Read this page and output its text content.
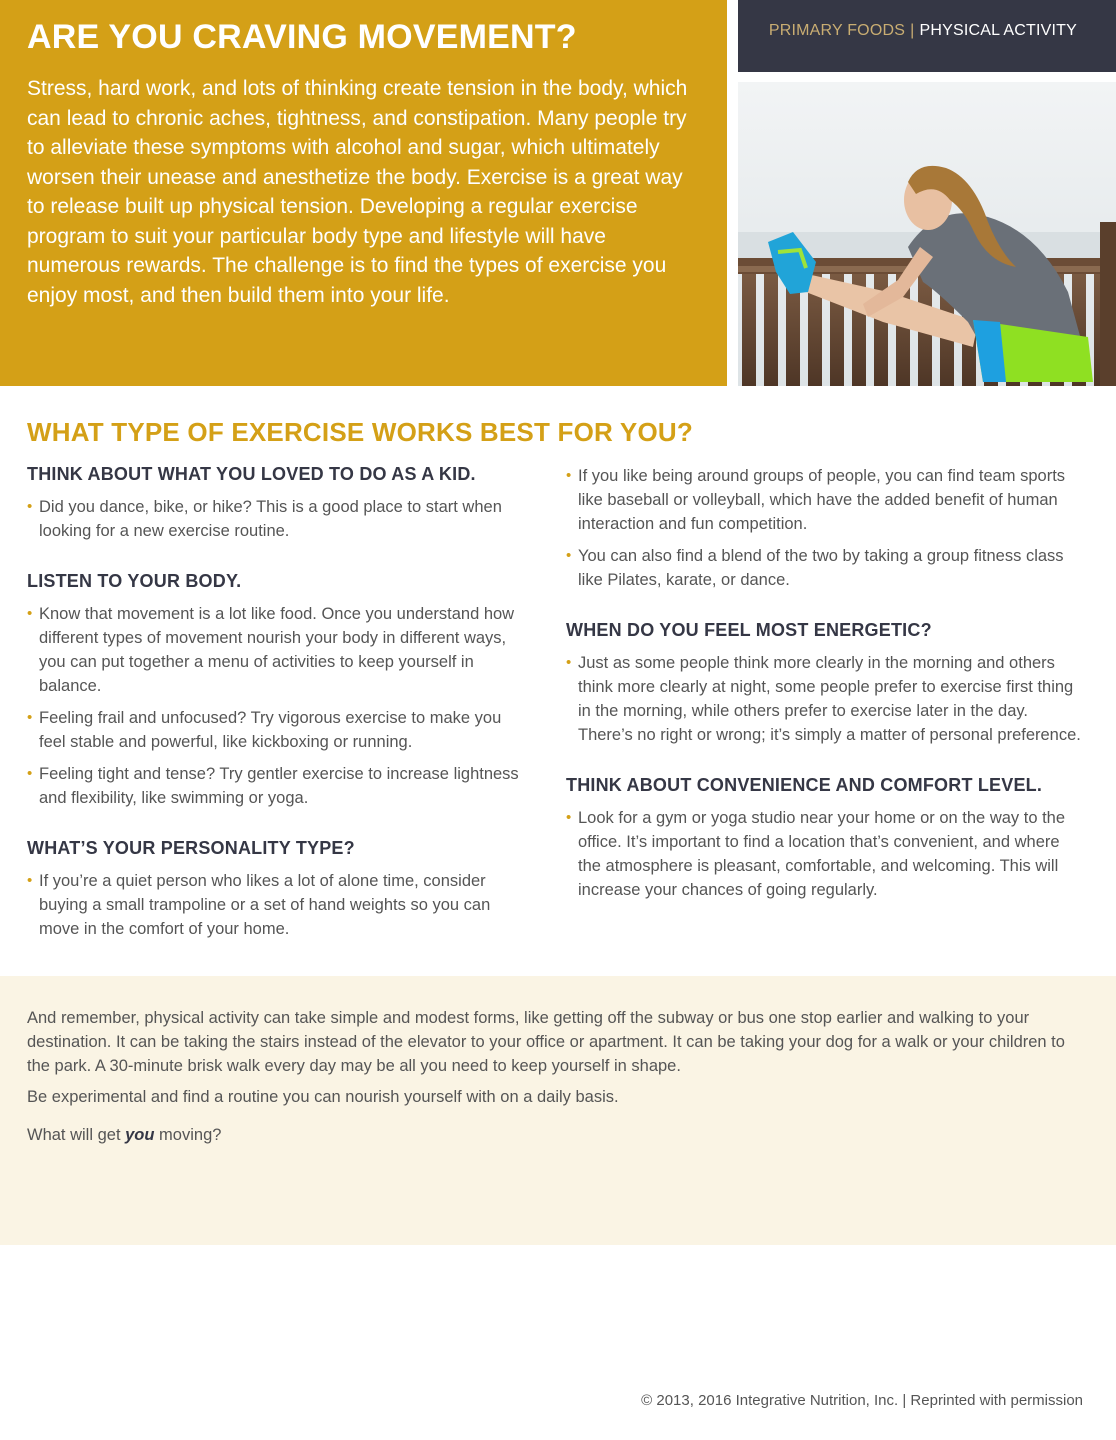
ARE YOU CRAVING MOVEMENT?

Stress, hard work, and lots of thinking create tension in the body, which can lead to chronic aches, tightness, and constipation. Many people try to alleviate these symptoms with alcohol and sugar, which ultimately worsen their unease and anesthetize the body. Exercise is a great way to release built up physical tension. Developing a regular exercise program to suit your particular body type and lifestyle will have numerous rewards. The challenge is to find the types of exercise you enjoy most, and then build them into your life.

PRIMARY FOODS | PHYSICAL ACTIVITY
WHAT TYPE OF EXERCISE WORKS BEST FOR YOU?
THINK ABOUT WHAT YOU LOVED TO DO AS A KID.
• Did you dance, bike, or hike? This is a good place to start when looking for a new exercise routine.
LISTEN TO YOUR BODY.
• Know that movement is a lot like food. Once you understand how different types of movement nourish your body in different ways, you can put together a menu of activities to keep yourself in balance.
• Feeling frail and unfocused? Try vigorous exercise to make you feel stable and powerful, like kickboxing or running.
• Feeling tight and tense? Try gentler exercise to increase lightness and flexibility, like swimming or yoga.
WHAT’S YOUR PERSONALITY TYPE?
• If you’re a quiet person who likes a lot of alone time, consider buying a small trampoline or a set of hand weights so you can move in the comfort of your home.
• If you like being around groups of people, you can find team sports like baseball or volleyball, which have the added benefit of human interaction and fun competition.
• You can also find a blend of the two by taking a group fitness class like Pilates, karate, or dance.
WHEN DO YOU FEEL MOST ENERGETIC?
• Just as some people think more clearly in the morning and others think more clearly at night, some people prefer to exercise first thing in the morning, while others prefer to exercise later in the day. There’s no right or wrong; it’s simply a matter of personal preference.
THINK ABOUT CONVENIENCE AND COMFORT LEVEL.
• Look for a gym or yoga studio near your home or on the way to the office. It’s important to find a location that’s convenient, and where the atmosphere is pleasant, comfortable, and welcoming. This will increase your chances of going regularly.

And remember, physical activity can take simple and modest forms, like getting off the subway or bus one stop earlier and walking to your destination. It can be taking the stairs instead of the elevator to your office or apartment. It can be taking your dog for a walk or your children to the park. A 30-minute brisk walk every day may be all you need to keep yourself in shape.

Be experimental and find a routine you can nourish yourself with on a daily basis.

What will get you moving?

© 2013, 2016 Integrative Nutrition, Inc. | Reprinted with permission
